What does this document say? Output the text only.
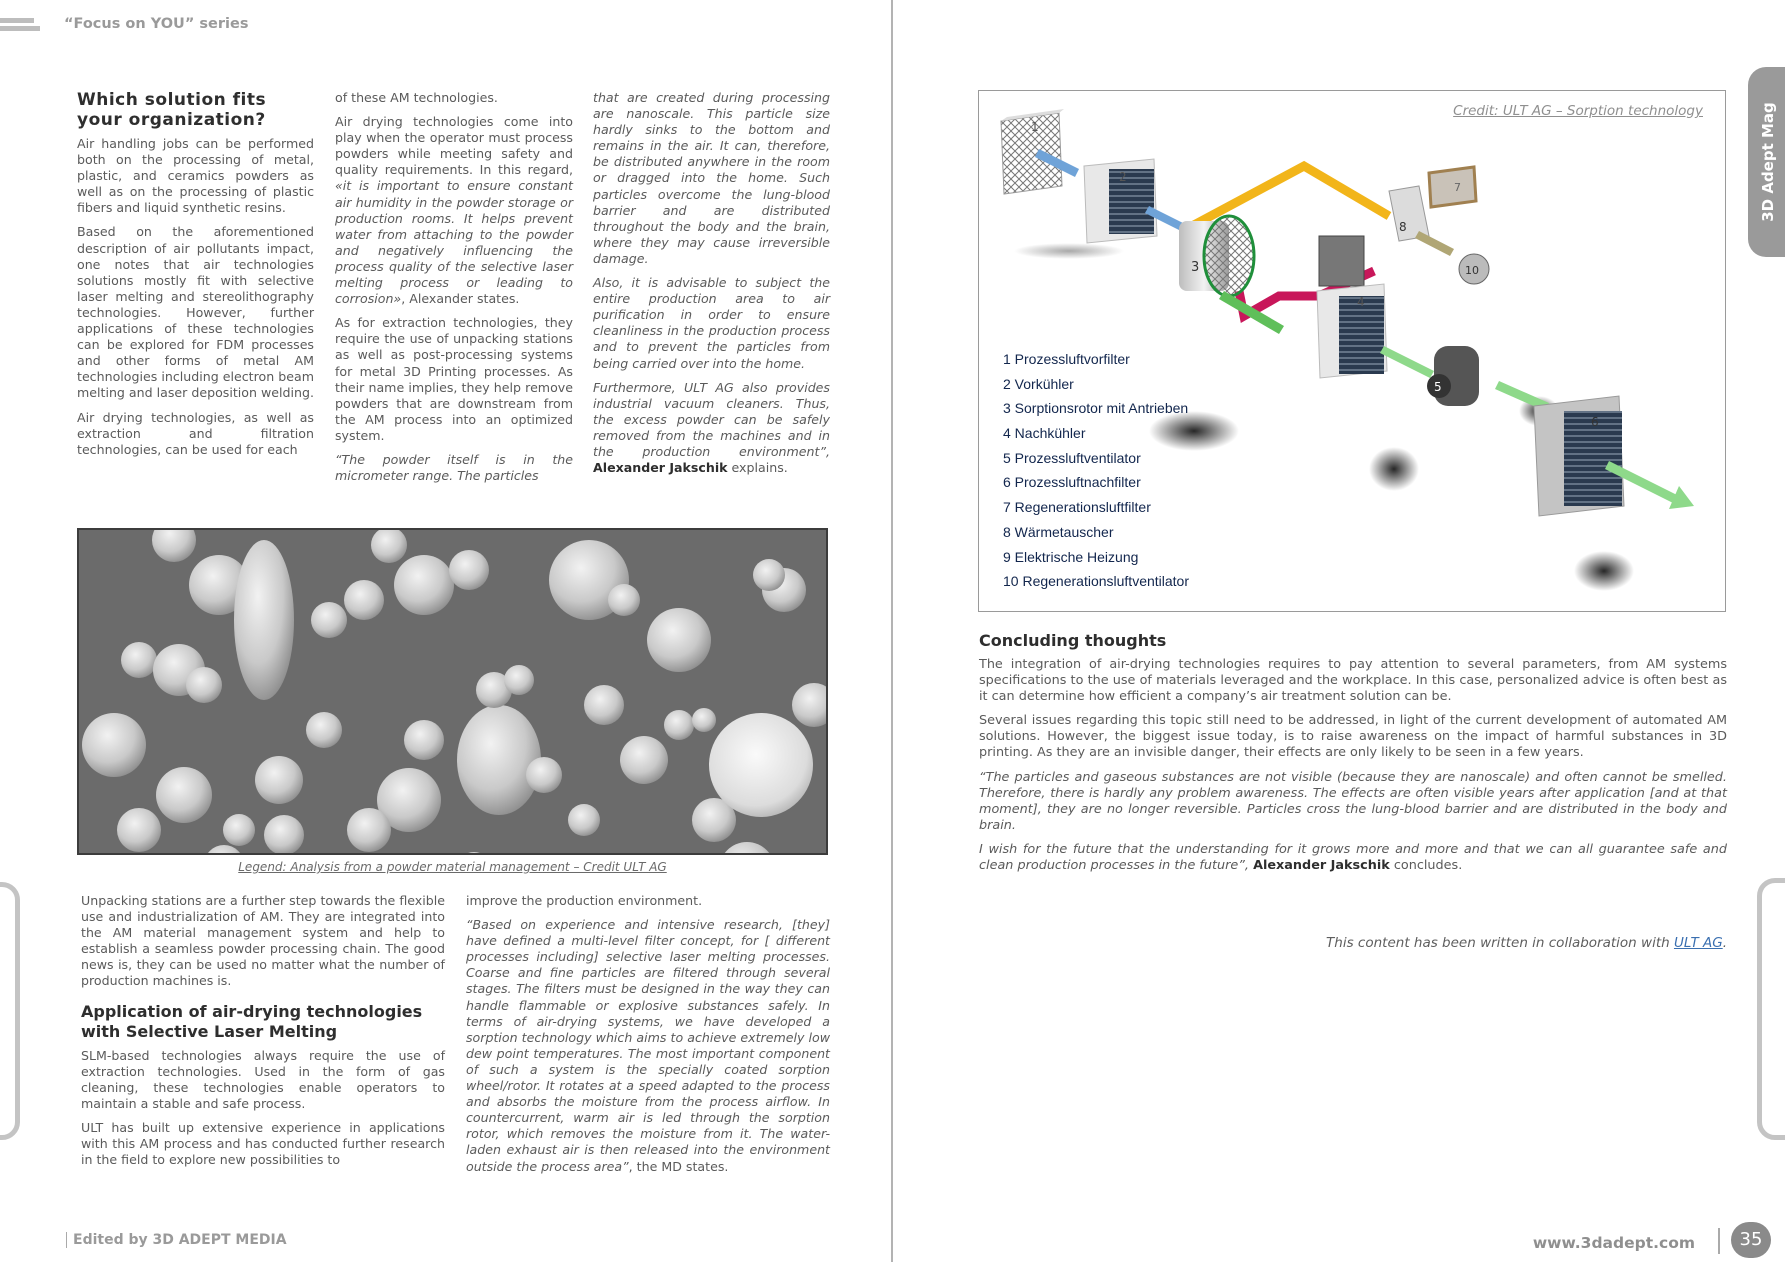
“Focus on YOU” series
Which solution fits your organization?

Air handling jobs can be performed both on the processing of metal, plastic, and ceramics powders as well as on the processing of plastic fibers and liquid synthetic resins.

Based on the aforementioned description of air pollutants impact, one notes that air technologies solutions mostly fit with selective laser melting and stereolithography technologies. However, further applications of these technologies can be explored for FDM processes and other forms of metal AM technologies including electron beam melting and laser deposition welding.

Air drying technologies, as well as extraction and filtration technologies, can be used for each

of these AM technologies.

Air drying technologies come into play when the operator must process powders while meeting safety and quality requirements. In this regard, «it is important to ensure constant air humidity in the powder storage or production rooms. It helps prevent water from attaching to the powder and negatively influencing the process quality of the selective laser melting process or leading to corrosion», Alexander states.

As for extraction technologies, they require the use of unpacking stations as well as post-processing systems for metal 3D Printing processes. As their name implies, they help remove powders that are downstream from the AM process into an optimized system.

“The powder itself is in the micrometer range. The particles

that are created during processing are nanoscale. This particle size hardly sinks to the bottom and remains in the air. It can, therefore, be distributed anywhere in the room or dragged into the home. Such particles overcome the lung-blood barrier and are distributed throughout the body and the brain, where they may cause irreversible damage.

Also, it is advisable to subject the entire production area to air purification in order to ensure cleanliness in the production process and to prevent the particles from being carried over into the home.

Furthermore, ULT AG also provides industrial vacuum cleaners. Thus, the excess powder can be safely removed from the machines and in the production environment”, Alexander Jakschik explains.

Legend: Analysis from a powder material management – Credit ULT AG

Unpacking stations are a further step towards the flexible use and industrialization of AM. They are integrated into the AM material management system and help to establish a seamless powder processing chain. The good news is, they can be used no matter what the number of production machines is.

Application of air-drying technologies with Selective Laser Melting

SLM-based technologies always require the use of extraction technologies. Used in the form of gas cleaning, these technologies enable operators to maintain a stable and safe process.

ULT has built up extensive experience in applications with this AM process and has conducted further research in the field to explore new possibilities to

improve the production environment.

“Based on experience and intensive research, [they] have defined a multi-level filter concept, for [ different processes including] selective laser melting processes. Coarse and fine particles are filtered through several stages. The filters must be designed in the way they can handle flammable or explosive substances safely. In terms of air-drying systems, we have developed a sorption technology which aims to achieve extremely low dew point temperatures. The most important component of such a system is the specially coated sorption wheel/rotor. It rotates at a speed adapted to the process and absorbs the moisture from the process airflow. In countercurrent, warm air is led through the sorption rotor, which removes the moisture from it. The water-laden exhaust air is then released into the environment outside the process area”, the MD states.

Edited by 3D ADEPT MEDIA
Credit: ULT AG – Sorption technology
1
2
3
8
7
10
4
5
6
1 Prozessluftvorfilter
2 Vorkühler
3 Sorptionsrotor mit Antrieben
4 Nachkühler
5 Prozessluftventilator
6 Prozessluftnachfilter
7 Regenerationsluftfilter
8 Wärmetauscher
9 Elektrische Heizung
10 Regenerationsluftventilator
Concluding thoughts

The integration of air-drying technologies requires to pay attention to several parameters, from AM systems specifications to the use of materials leveraged and the workplace. In this case, personalized advice is often best as it can determine how efficient a company’s air treatment solution can be.

Several issues regarding this topic still need to be addressed, in light of the current development of automated AM solutions. However, the biggest issue today, is to raise awareness on the impact of harmful substances in 3D printing. As they are an invisible danger, their effects are only likely to be seen in a few years.

“The particles and gaseous substances are not visible (because they are nanoscale) and often cannot be smelled. Therefore, there is hardly any problem awareness. The effects are often visible years after application [and at that moment], they are no longer reversible. Particles cross the lung-blood barrier and are distributed in the body and brain.

I wish for the future that the understanding for it grows more and more and that we can all guarantee safe and clean production processes in the future”, Alexander Jakschik concludes.

This content has been written in collaboration with ULT AG.
3D Adept Mag
www.3dadept.com	35
